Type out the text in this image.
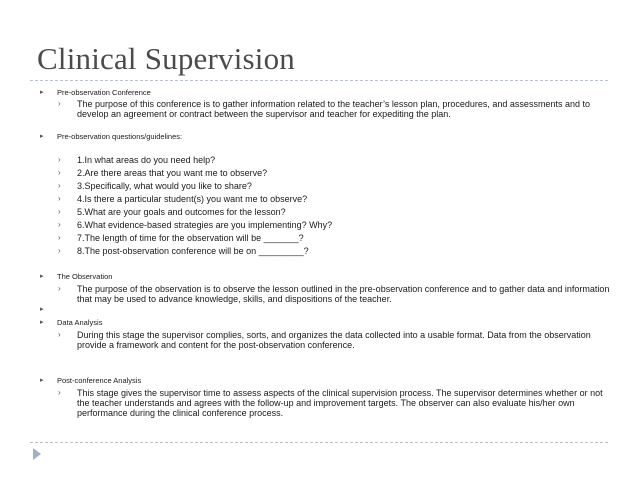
Clinical Supervision
▸ Pre-observation Conference
› The purpose of this conference is to gather information related to the teacher’s lesson plan, procedures, and assessments and to
develop an agreement or contract between the supervisor and teacher for expediting the plan.
▸ Pre-observation questions/guidelines:
› 1.In what areas do you need help?
› 2.Are there areas that you want me to observe?
› 3.Specifically, what would you like to share?
› 4.Is there a particular student(s) you want me to observe?
› 5.What are your goals and outcomes for the lesson?
› 6.What evidence-based strategies are you implementing? Why?
› 7.The length of time for the observation will be _______?
› 8.The post-observation conference will be on _________?
▸ The Observation
› The purpose of the observation is to observe the lesson outlined in the pre-observation conference and to gather data and information
that may be used to advance knowledge, skills, and dispositions of the teacher.
▸
▸ Data Analysis
› During this stage the supervisor complies, sorts, and organizes the data collected into a usable format. Data from the observation
provide a framework and content for the post-observation conference.
▸ Post-conference Analysis
› This stage gives the supervisor time to assess aspects of the clinical supervision process. The supervisor determines whether or not
the teacher understands and agrees with the follow-up and improvement targets. The observer can also evaluate his/her own
performance during the clinical conference process.
